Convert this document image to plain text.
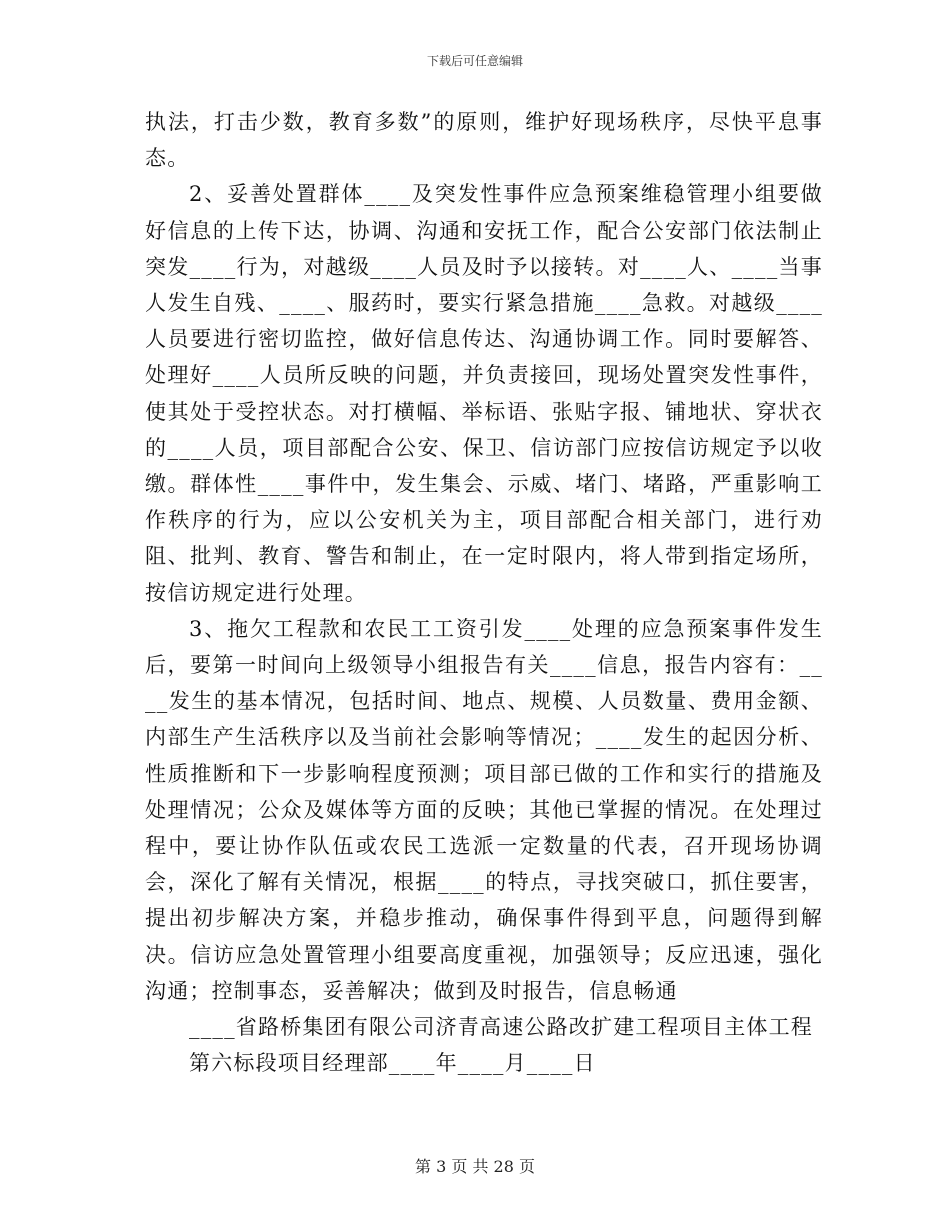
下载后可任意编辑

执法，打击少数，教育多数”的原则，维护好现场秩序，尽快平息事态。

2、妥善处置群体____及突发性事件应急预案维稳管理小组要做好信息的上传下达，协调、沟通和安抚工作，配合公安部门依法制止突发____行为，对越级____人员及时予以接转。对____人、____当事人发生自残、____、服药时，要实行紧急措施____急救。对越级____人员要进行密切监控，做好信息传达、沟通协调工作。同时要解答、处理好____人员所反映的问题，并负责接回，现场处置突发性事件，使其处于受控状态。对打横幅、举标语、张贴字报、铺地状、穿状衣的____人员，项目部配合公安、保卫、信访部门应按信访规定予以收缴。群体性____事件中，发生集会、示威、堵门、堵路，严重影响工作秩序的行为，应以公安机关为主，项目部配合相关部门，进行劝阻、批判、教育、警告和制止，在一定时限内，将人带到指定场所，按信访规定进行处理。

3、拖欠工程款和农民工工资引发____处理的应急预案事件发生后，要第一时间向上级领导小组报告有关____信息，报告内容有：____发生的基本情况，包括时间、地点、规模、人员数量、费用金额、内部生产生活秩序以及当前社会影响等情况；____发生的起因分析、性质推断和下一步影响程度预测；项目部已做的工作和实行的措施及处理情况；公众及媒体等方面的反映；其他已掌握的情况。在处理过程中，要让协作队伍或农民工选派一定数量的代表，召开现场协调会，深化了解有关情况，根据____的特点，寻找突破口，抓住要害，提出初步解决方案，并稳步推动，确保事件得到平息，问题得到解决。信访应急处置管理小组要高度重视，加强领导；反应迅速，强化沟通；控制事态，妥善解决；做到及时报告，信息畅通

____省路桥集团有限公司济青高速公路改扩建工程项目主体工程

第六标段项目经理部____年____月____日

第 3 页 共 28 页
